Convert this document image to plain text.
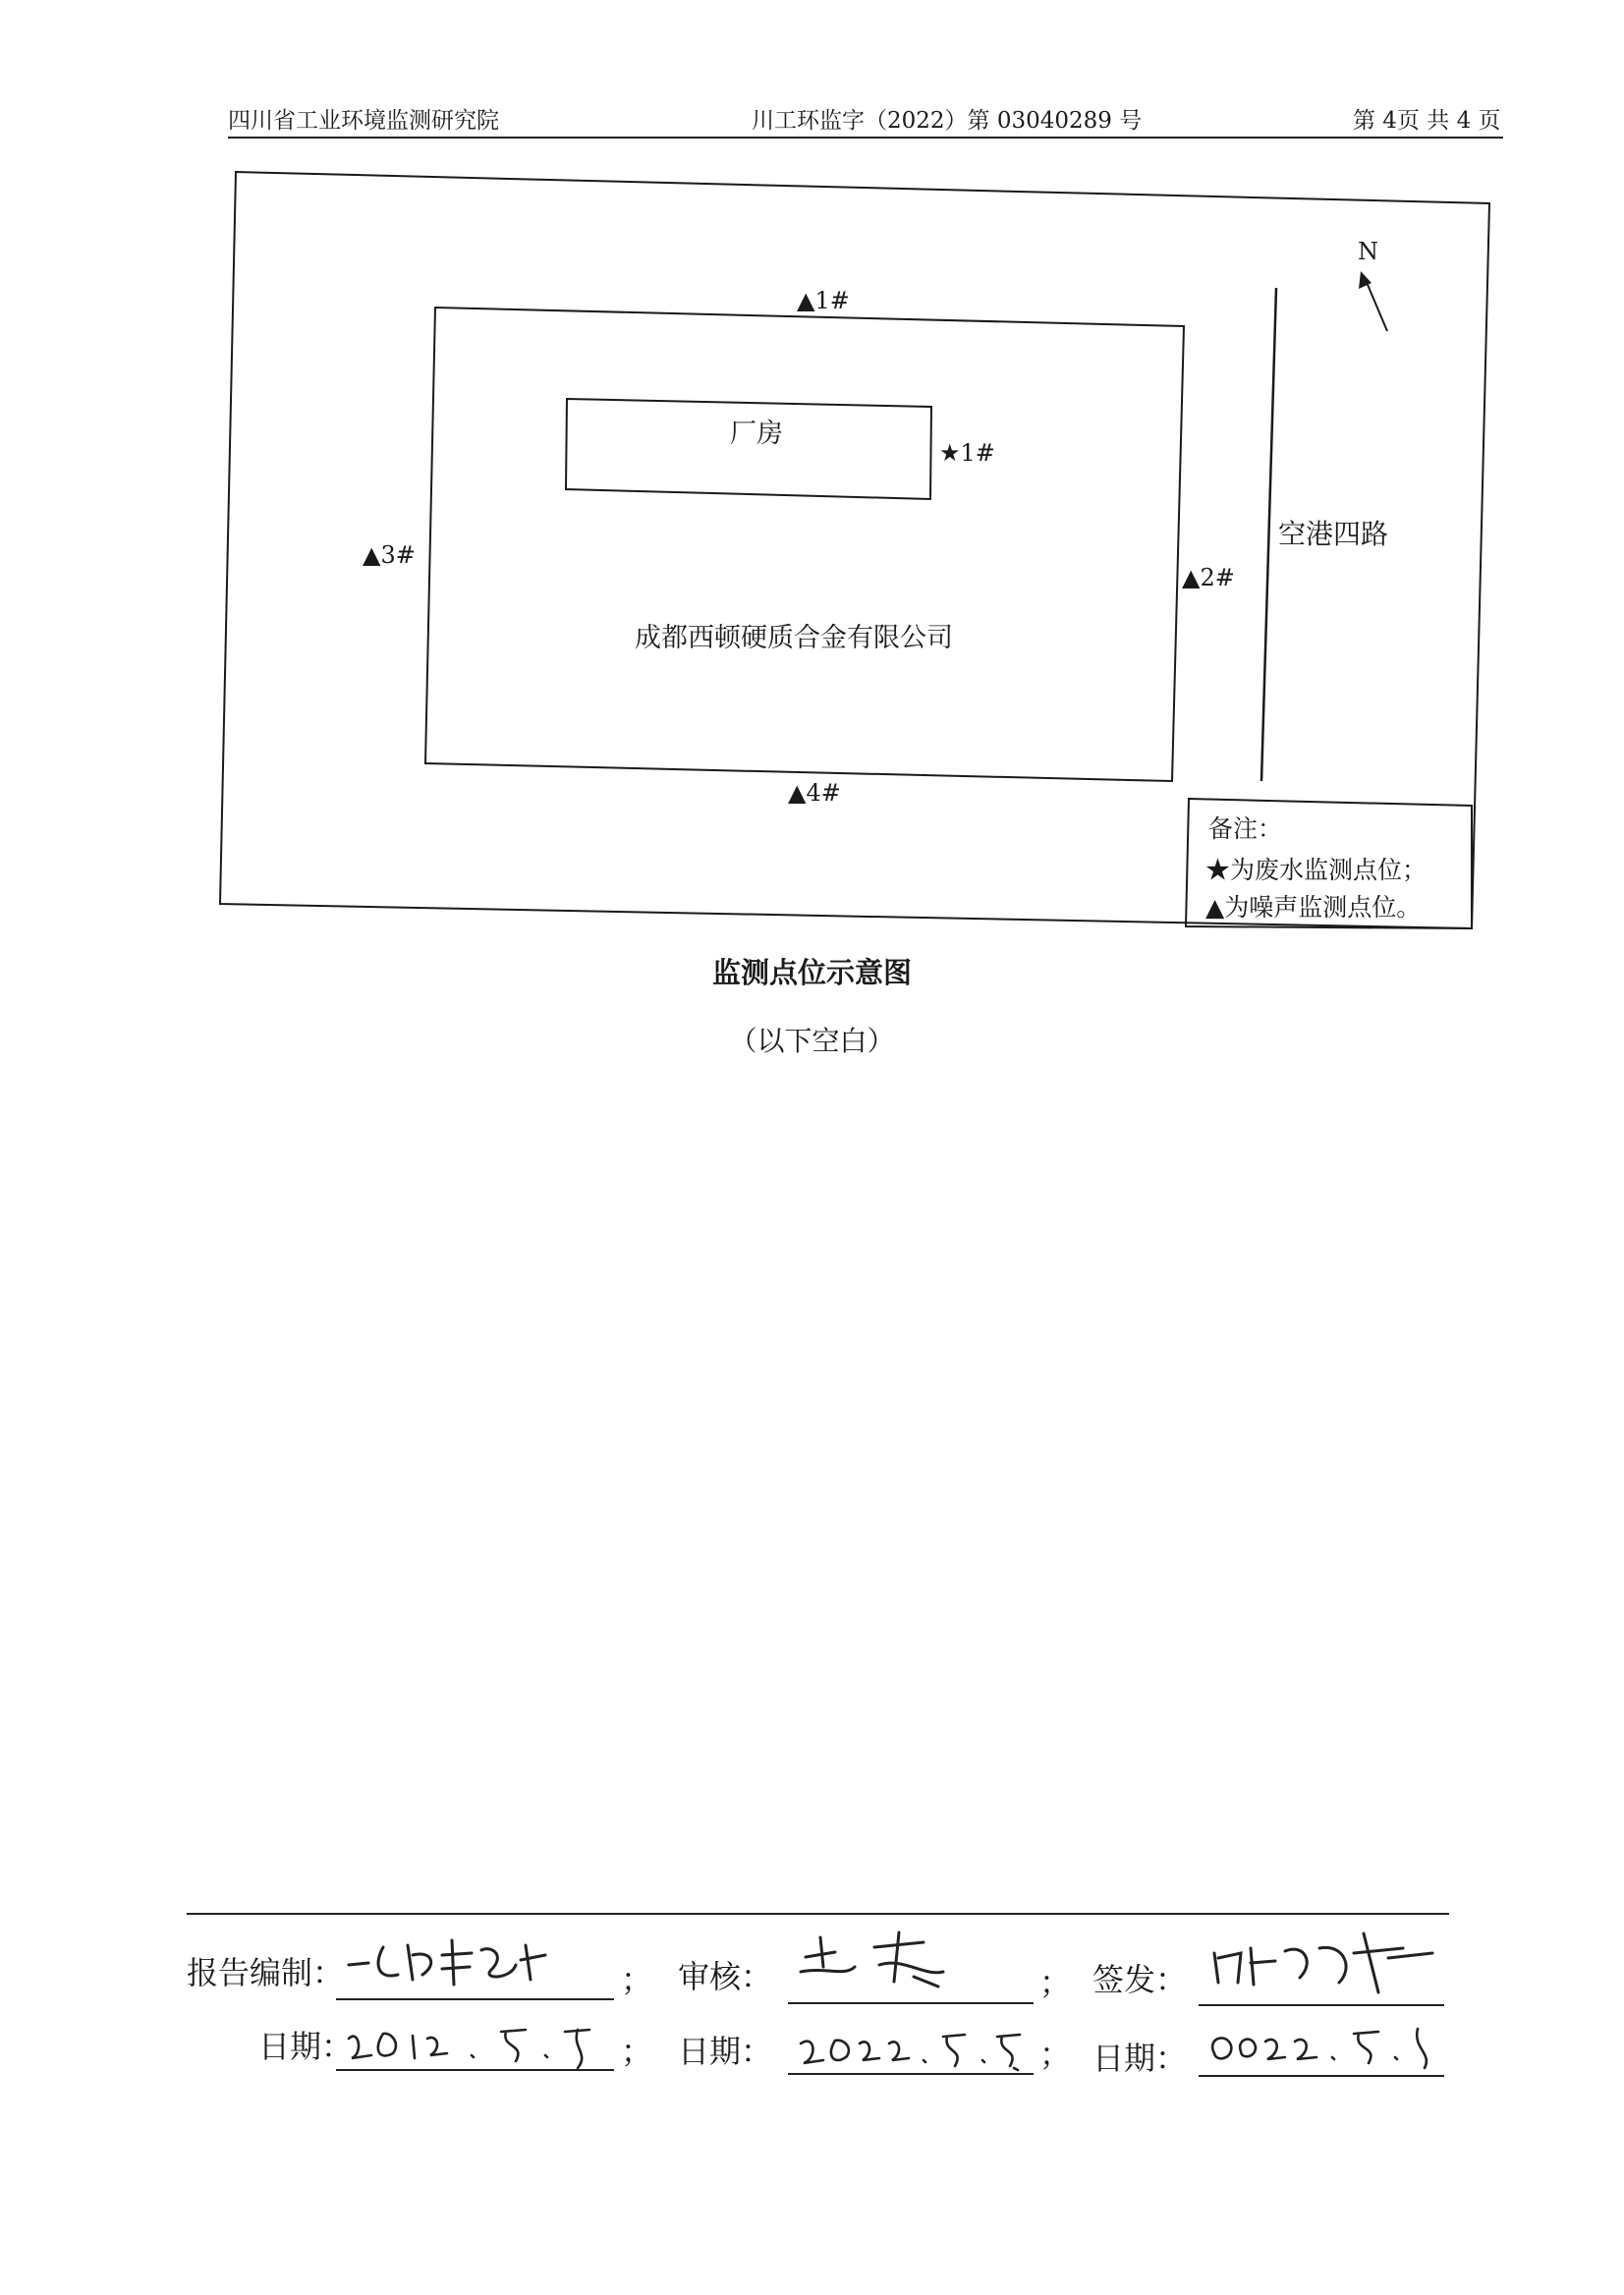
四川省工业环境监测研究院	川工环监字（2022）第 03040289 号	第 4页 共 4 页
N
厂房
成都西顿硬质合金有限公司
空港四路
▲1#
▲2#
▲3#
▲4#
★1#
备注：
★为废水监测点位；
▲为噪声监测点位。
监测点位示意图
（以下空白）
报告编制：	； 审核：	； 签发：
日期：	； 日期：	； 日期：
